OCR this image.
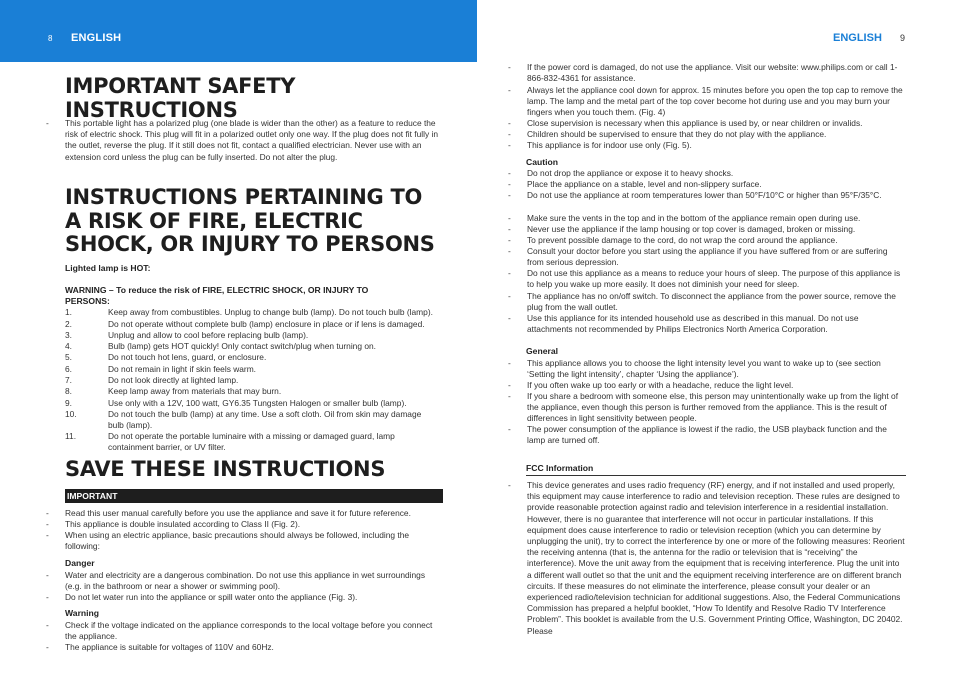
8 ENGLISH	ENGLISH 9
IMPORTANT SAFETY INSTRUCTIONS
- This portable light has a polarized plug (one blade is wider than the other) as a feature to reduce the risk of electric shock. This plug will fit in a polarized outlet only one way. If the plug does not fit fully in the outlet, reverse the plug. If it still does not fit, contact a qualified electrician. Never use with an extension cord unless the plug can be fully inserted. Do not alter the plug.
INSTRUCTIONS PERTAINING TO A RISK OF FIRE, ELECTRIC SHOCK, OR INJURY TO PERSONS
Lighted lamp is HOT:
WARNING – To reduce the risk of FIRE, ELECTRIC SHOCK, OR INJURY TO PERSONS:
1.	Keep away from combustibles. Unplug to change bulb (lamp). Do not touch bulb (lamp).
2.	Do not operate without complete bulb (lamp) enclosure in place or if lens is damaged.
3.	Unplug and allow to cool before replacing bulb (lamp).
4.	Bulb (lamp) gets HOT quickly! Only contact switch/plug when turning on.
5.	Do not touch hot lens, guard, or enclosure.
6.	Do not remain in light if skin feels warm.
7.	Do not look directly at lighted lamp.
8.	Keep lamp away from materials that may burn.
9.	Use only with a 12V, 100 watt, GY6.35 Tungsten Halogen or smaller bulb (lamp).
10.	Do not touch the bulb (lamp) at any time. Use a soft cloth. Oil from skin may damage bulb (lamp).
11.	Do not operate the portable luminaire with a missing or damaged guard, lamp containment barrier, or UV filter.
SAVE THESE INSTRUCTIONS
IMPORTANT
- Read this user manual carefully before you use the appliance and save it for future reference.
- This appliance is double insulated according to Class II (Fig. 2).
- When using an electric appliance, basic precautions should always be followed, including the following:
Danger
- Water and electricity are a dangerous combination. Do not use this appliance in wet surroundings (e.g. in the bathroom or near a shower or swimming pool).
- Do not let water run into the appliance or spill water onto the appliance (Fig. 3).
Warning
- Check if the voltage indicated on the appliance corresponds to the local voltage before you connect the appliance.
- The appliance is suitable for voltages of 110V and 60Hz.
- If the power cord is damaged, do not use the appliance. Visit our website: www.philips.com or call 1-866-832-4361 for assistance.
- Always let the appliance cool down for approx. 15 minutes before you open the top cap to remove the lamp. The lamp and the metal part of the top cover become hot during use and you may burn your fingers when you touch them. (Fig. 4)
- Close supervision is necessary when this appliance is used by, or near children or invalids.
- Children should be supervised to ensure that they do not play with the appliance.
- This appliance is for indoor use only (Fig. 5).
Caution
- Do not drop the appliance or expose it to heavy shocks.
- Place the appliance on a stable, level and non-slippery surface.
- Do not use the appliance at room temperatures lower than 50°F/10°C or higher than 95°F/35°C.
- Make sure the vents in the top and in the bottom of the appliance remain open during use.
- Never use the appliance if the lamp housing or top cover is damaged, broken or missing.
- To prevent possible damage to the cord, do not wrap the cord around the appliance.
- Consult your doctor before you start using the appliance if you have suffered from or are suffering from serious depression.
- Do not use this appliance as a means to reduce your hours of sleep. The purpose of this appliance is to help you wake up more easily. It does not diminish your need for sleep.
- The appliance has no on/off switch. To disconnect the appliance from the power source, remove the plug from the wall outlet.
- Use this appliance for its intended household use as described in this manual. Do not use attachments not recommended by Philips Electronics North America Corporation.
General
- This appliance allows you to choose the light intensity level you want to wake up to (see section ‘Setting the light intensity’, chapter ‘Using the appliance’).
- If you often wake up too early or with a headache, reduce the light level.
- If you share a bedroom with someone else, this person may unintentionally wake up from the light of the appliance, even though this person is further removed from the appliance. This is the result of differences in light sensitivity between people.
- The power consumption of the appliance is lowest if the radio, the USB playback function and the lamp are turned off.
FCC Information
- This device generates and uses radio frequency (RF) energy, and if not installed and used properly, this equipment may cause interference to radio and television reception. These rules are designed to provide reasonable protection against radio and television interference in a residential installation. However, there is no guarantee that interference will not occur in particular installations. If this equipment does cause interference to radio or television reception (which you can determine by unplugging the unit), try to correct the interference by one or more of the following measures: Reorient the receiving antenna (that is, the antenna for the radio or television that is “receiving” the interference). Move the unit away from the equipment that is receiving interference. Plug the unit into a different wall outlet so that the unit and the equipment receiving interference are on different branch circuits. If these measures do not eliminate the interference, please consult your dealer or an experienced radio/television technician for additional suggestions. Also, the Federal Communications Commission has prepared a helpful booklet, “How To Identify and Resolve Radio TV Interference Problem”. This booklet is available from the U.S. Government Printing Office, Washington, DC 20402. Please
